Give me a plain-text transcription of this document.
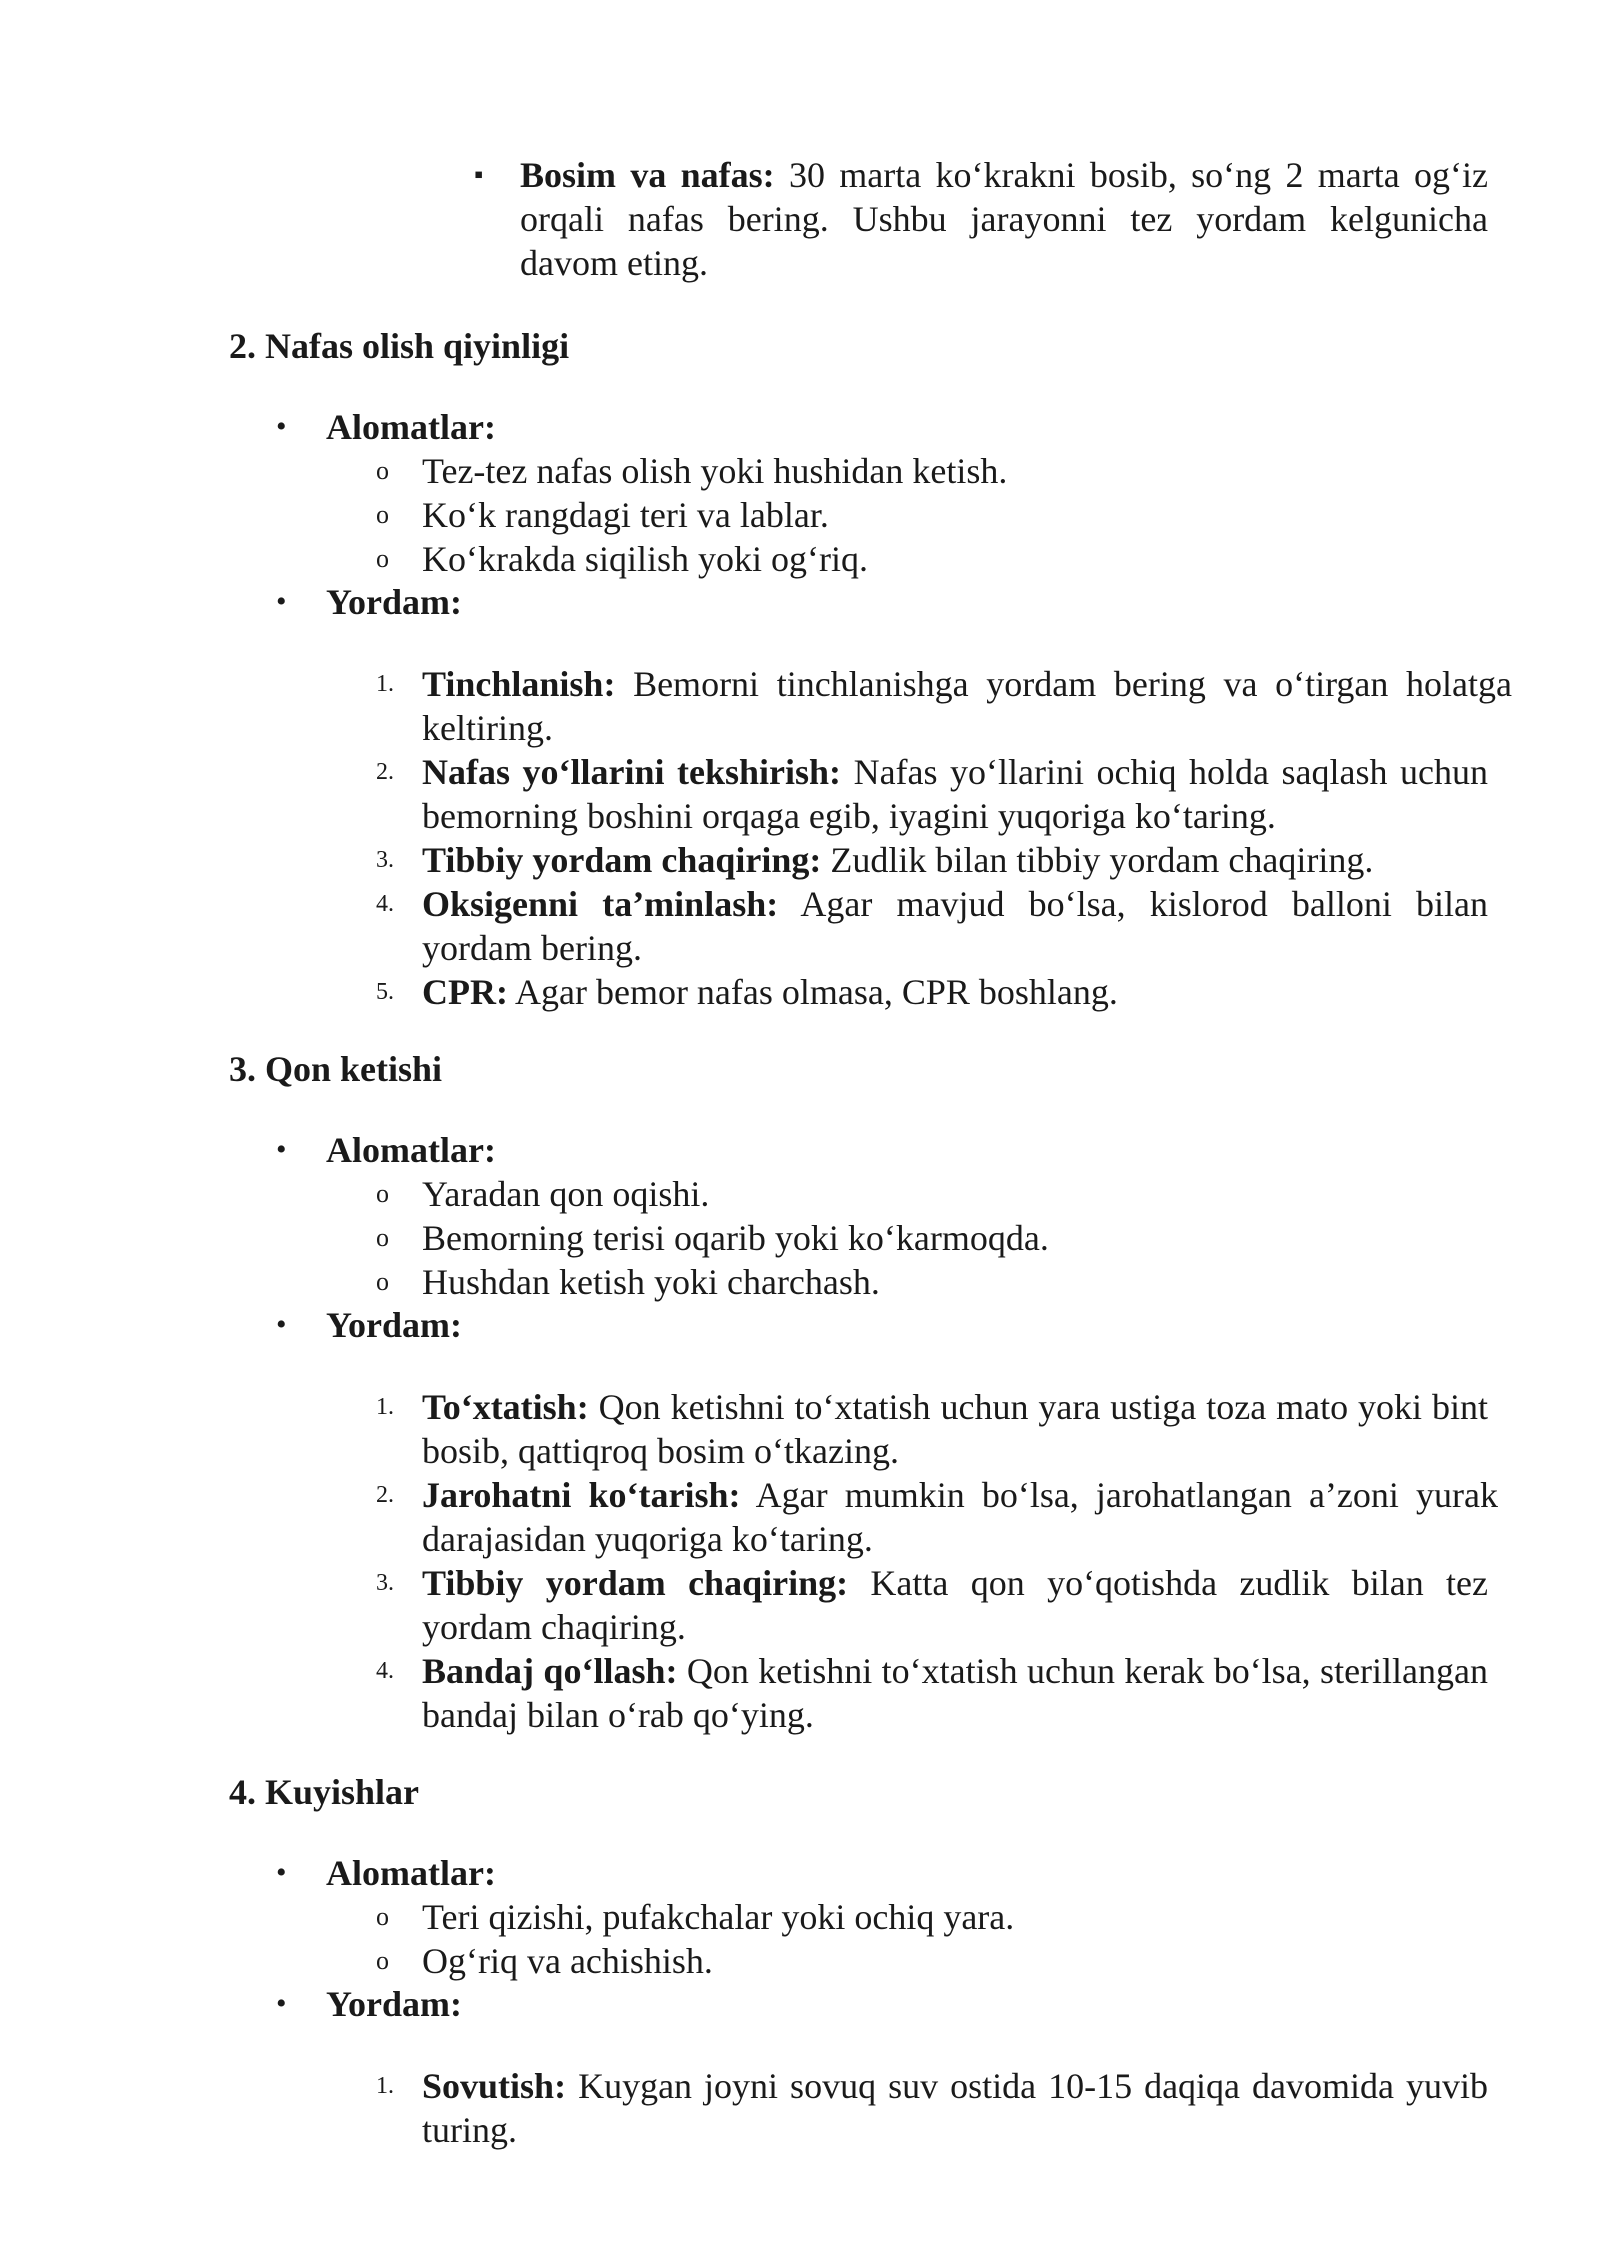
▪ Bosim va nafas: 30 marta ko‘krakni bosib, so‘ng 2 marta og‘iz orqali nafas bering. Ushbu jarayonni tez yordam kelgunicha davom eting.
2. Nafas olish qiyinligi
• Alomatlar:
o Tez-tez nafas olish yoki hushidan ketish.
o Ko‘k rangdagi teri va lablar.
o Ko‘krakda siqilish yoki og‘riq.
• Yordam:
1. Tinchlanish: Bemorni tinchlanishga yordam bering va o‘tirgan holatga keltiring.
2. Nafas yo‘llarini tekshirish: Nafas yo‘llarini ochiq holda saqlash uchun bemorning boshini orqaga egib, iyagini yuqoriga ko‘taring.
3. Tibbiy yordam chaqiring: Zudlik bilan tibbiy yordam chaqiring.
4. Oksigenni ta’minlash: Agar mavjud bo‘lsa, kislorod balloni bilan yordam bering.
5. CPR: Agar bemor nafas olmasa, CPR boshlang.
3. Qon ketishi
• Alomatlar:
o Yaradan qon oqishi.
o Bemorning terisi oqarib yoki ko‘karmoqda.
o Hushdan ketish yoki charchash.
• Yordam:
1. To‘xtatish: Qon ketishni to‘xtatish uchun yara ustiga toza mato yoki bint bosib, qattiqroq bosim o‘tkazing.
2. Jarohatni ko‘tarish: Agar mumkin bo‘lsa, jarohatlangan a’zoni yurak darajasidan yuqoriga ko‘taring.
3. Tibbiy yordam chaqiring: Katta qon yo‘qotishda zudlik bilan tez yordam chaqiring.
4. Bandaj qo‘llash: Qon ketishni to‘xtatish uchun kerak bo‘lsa, sterillangan bandaj bilan o‘rab qo‘ying.
4. Kuyishlar
• Alomatlar:
o Teri qizishi, pufakchalar yoki ochiq yara.
o Og‘riq va achishish.
• Yordam:
1. Sovutish: Kuygan joyni sovuq suv ostida 10-15 daqiqa davomida yuvib turing.
